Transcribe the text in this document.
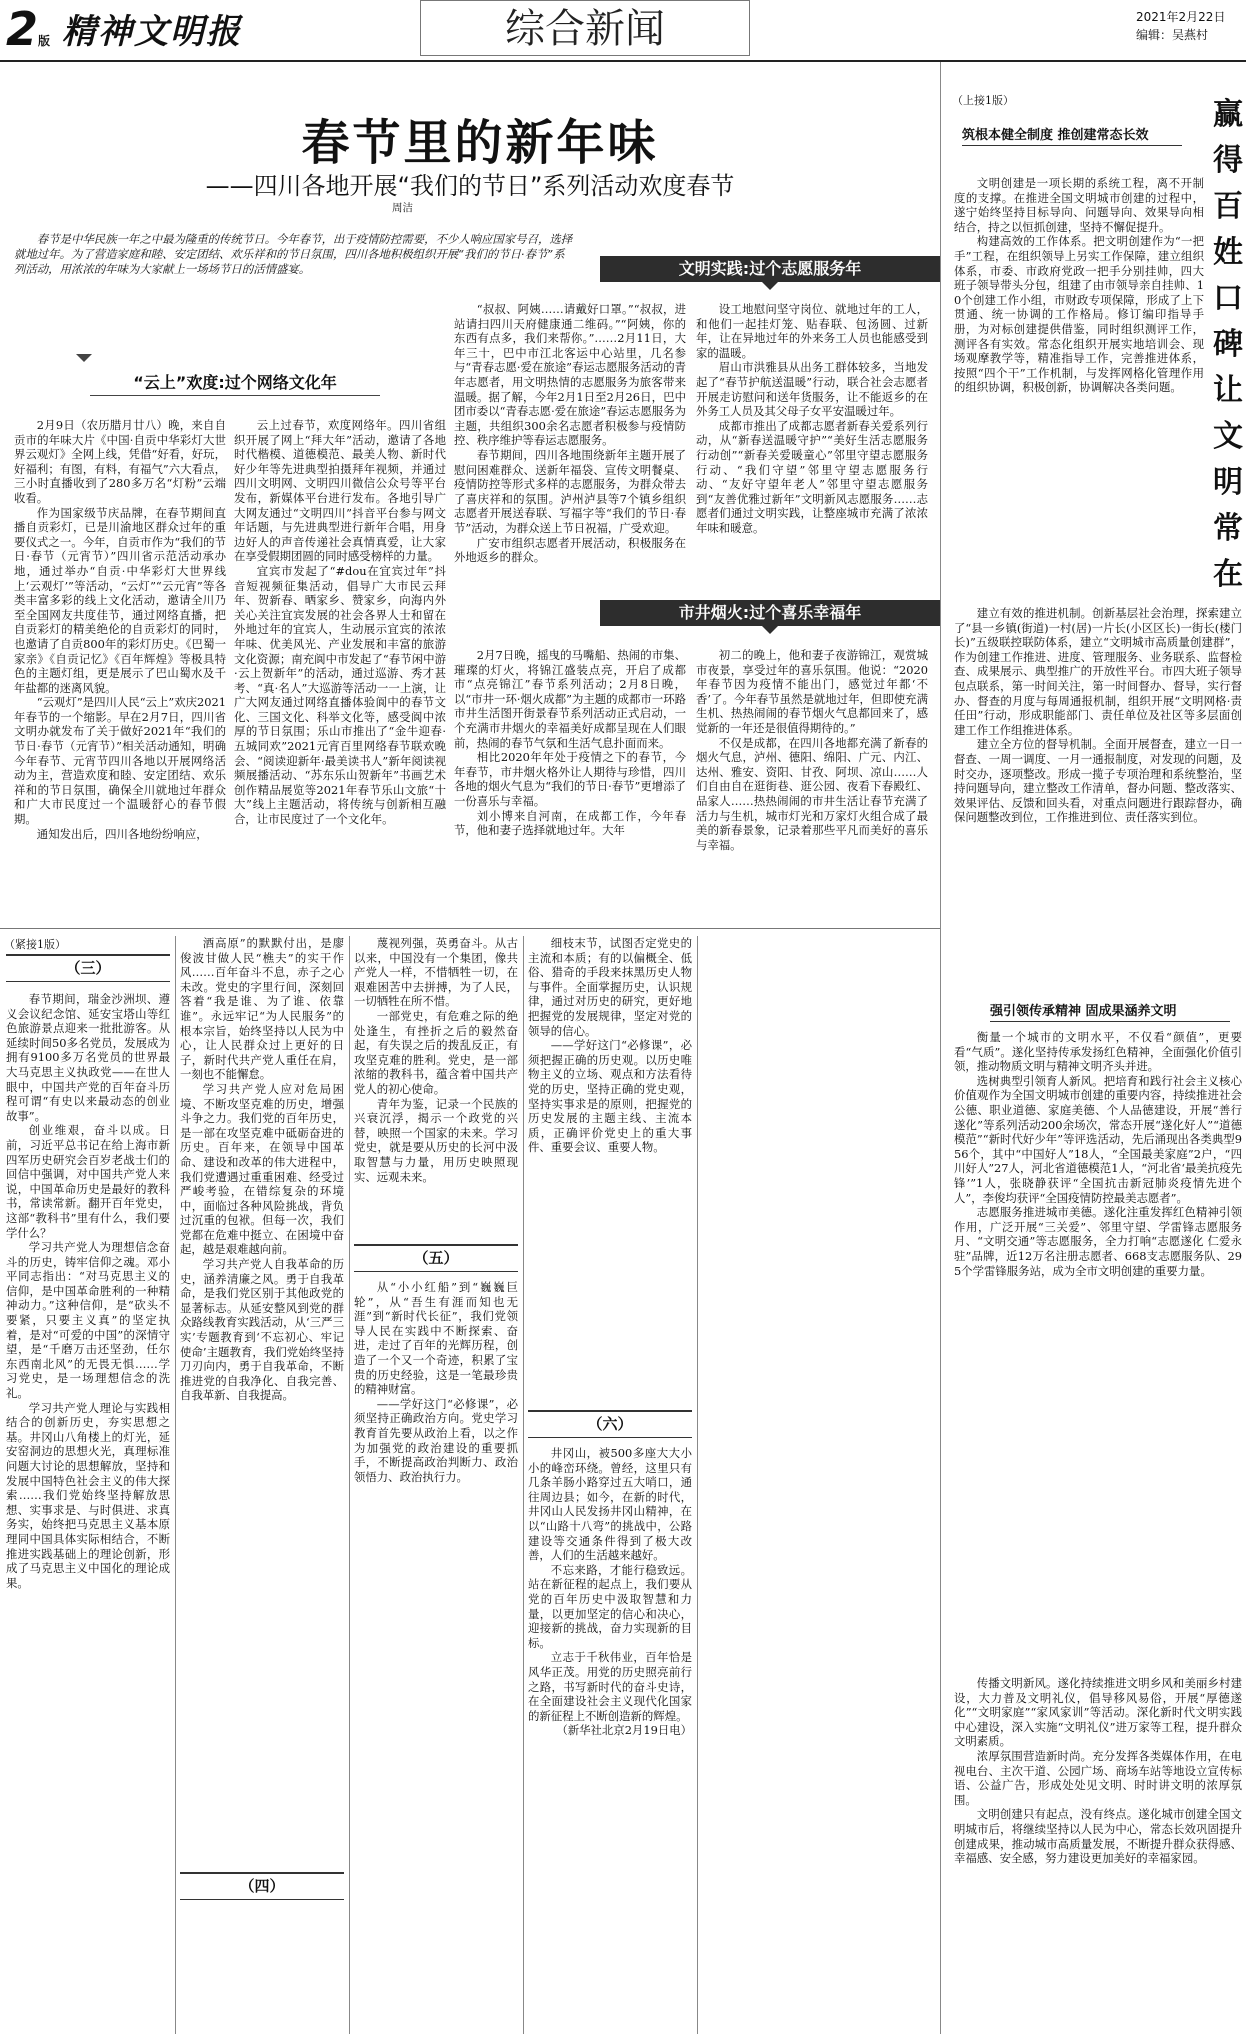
2版 精神文明报	综合新闻	2021年2月22日
编辑：吴燕村
春节里的新年味
——四川各地开展“我们的节日”系列活动欢度春节
周洁
春节是中华民族一年之中最为隆重的传统节日。今年春节，出于疫情防控需要，不少人响应国家号召，选择就地过年。为了营造家庭和睦、安定团结、欢乐祥和的节日氛围，四川各地积极组织开展“我们的节日·春节”系列活动，用浓浓的年味为大家献上一场场节日的活情盛宴。	文明实践:过个志愿服务年
“云上”欢度:过个网络文化年

2月9日（农历腊月廿八）晚，来自自贡市的年味大片《中国·自贡中华彩灯大世界云观灯》全网上线，凭借“好看，好玩，好福利；有图，有料，有福气”六大看点，三小时直播收到了280多万名“灯粉”云端收看。

作为国家级节庆品牌，在春节期间直播自贡彩灯，已是川渝地区群众过年的重要仪式之一。今年，自贡市作为“我们的节日·春节（元宵节）”四川省示范活动承办地，通过举办“自贡·中华彩灯大世界线上‘云观灯’”等活动，“云灯”“云元宵”等各类丰富多彩的线上文化活动，邀请全川乃至全国网友共度佳节，通过网络直播，把自贡彩灯的精美绝伦的自贡彩灯的同时，也邀请了自贡800年的彩灯历史。《巴蜀一家亲》《自贡记忆》《百年辉煌》等极具特色的主题灯组，更是展示了巴山蜀水及千年盐都的迷离风貌。

“云观灯”是四川人民“云上”欢庆2021年春节的一个缩影。早在2月7日，四川省文明办就发布了关于做好2021年“我们的节日·春节（元宵节）”相关活动通知，明确今年春节、元宵节四川各地以开展网络活动为主，营造欢度和睦、安定团结、欢乐祥和的节日氛围，确保全川就地过年群众和广大市民度过一个温暖舒心的春节假期。

通知发出后，四川各地纷纷响应，

云上过春节，欢度网络年。四川省组织开展了网上“拜大年”活动，邀请了各地时代楷模、道德模范、最美人物、新时代好少年等先进典型拍摄拜年视频，并通过四川文明网、文明四川微信公众号等平台发布，新媒体平台进行发布。各地引导广大网友通过“文明四川”抖音平台参与网文年话题，与先进典型进行新年合唱，用身边好人的声音传递社会真情真爱，让大家在享受假期团圆的同时感受榜样的力量。

宜宾市发起了“#dou在宜宾过年”抖音短视频征集活动，倡导广大市民云拜年、贺新春、晒家乡、赞家乡，向海内外关心关注宜宾发展的社会各界人士和留在外地过年的宜宾人，生动展示宜宾的浓浓年味、优美风光、产业发展和丰富的旅游文化资源；南充阆中市发起了“春节闲中游·云上贺新年”的活动，通过巡游、秀才甚考、“真·名人”大巡游等活动一一上演，让广大网友通过网络直播体验阆中的春节文化、三国文化、科举文化等，感受阆中浓厚的节日氛围；乐山市推出了“金牛迎春·五城同欢”2021元宵百里网络春节联欢晚会、“阅读迎新年·最美读书人”新年阅读视频展播活动、“苏东乐山贺新年”书画艺术创作精品展览等2021年春节乐山文旅“十大”线上主题活动，将传统与创新相互融合，让市民度过了一个文化年。

“叔叔、阿姨……请戴好口罩。”“叔叔，进站请扫四川天府健康通二维码。”“阿姨，你的东西有点多，我们来帮你。”……2月11日，大年三十，巴中市江北客运中心站里，几名参与“青春志愿·爱在旅途”春运志愿服务活动的青年志愿者，用文明热情的志愿服务为旅客带来温暖。据了解，今年2月1日至2月26日，巴中团市委以“青春志愿·爱在旅途”春运志愿服务为主题，共组织300余名志愿者积极参与疫情防控、秩序维护等春运志愿服务。

春节期间，四川各地围绕新年主题开展了慰问困难群众、送新年福袋、宣传文明餐桌、疫情防控等形式多样的志愿服务，为群众带去了喜庆祥和的氛围。泸州泸县等7个镇乡组织志愿者开展送春联、写福字等“我们的节日·春节”活动，为群众送上节日祝福，广受欢迎。

广安市组织志愿者开展活动，积极服务在外地返乡的群众。

设工地慰问坚守岗位、就地过年的工人，和他们一起挂灯笼、贴春联、包汤圆、过新年，让在异地过年的外来务工人员也能感受到家的温暖。

眉山市洪雅县从出务工群体较多，当地发起了“春节护航送温暖”行动，联合社会志愿者开展走访慰问和送年货服务，让不能返乡的在外务工人员及其父母子女平安温暖过年。

成都市推出了成都志愿者新春关爱系列行动，从“新春送温暖守护”“美好生活志愿服务行动创”“新春关爱暖童心”邻里守望志愿服务行动、“我们守望”邻里守望志愿服务行动、“友好守望年老人”邻里守望志愿服务到“友善优雅过新年”文明新风志愿服务……志愿者们通过文明实践，让整座城市充满了浓浓年味和暖意。

市井烟火:过个喜乐幸福年

2月7日晚，摇曳的马嘴船、热闹的市集、璀璨的灯火，将锦江盛装点亮，开启了成都市“点亮锦江”春节系列活动；2月8日晚，以“市井一环·烟火成都”为主题的成都市一环路市井生活图开街景春节系列活动正式启动，一个充满市井烟火的幸福美好成都呈现在人们眼前，热闹的春节气氛和生活气息扑面而来。

相比2020年年处于疫情之下的春节，今年春节，市井烟火格外让人期待与珍惜，四川各地的烟火气息为“我们的节日·春节”更增添了一份喜乐与幸福。

刘小博来自河南，在成都工作，今年春节，他和妻子选择就地过年。大年

初二的晚上，他和妻子夜游锦江，观赏城市夜景，享受过年的喜乐氛围。他说：“2020年春节因为疫情不能出门，感觉过年都‘不香’了。今年春节虽然是就地过年，但即使充满生机、热热闹闹的春节烟火气息都回来了，感觉新的一年还是很值得期待的。”

不仅是成都，在四川各地都充满了新春的烟火气息，泸州、德阳、绵阳、广元、内江、达州、雅安、资阳、甘孜、阿坝、凉山……人们自由自在逛街巷、逛公园、夜看下春殿红、品家人……热热闹闹的市井生活让春节充满了活力与生机，城市灯光和万家灯火组合成了最美的新春景象，记录着那些平凡而美好的喜乐与幸福。

（上接1版）	赢得百姓口碑 让文明常在
筑根本健全制度 推创建常态长效

文明创建是一项长期的系统工程，离不开制度的支撑。在推进全国文明城市创建的过程中，遂宁始终坚持目标导向、问题导向、效果导向相结合，持之以恒抓创建，坚持不懈促提升。

构建高效的工作体系。把文明创建作为“一把手”工程，在组织领导上另实工作保障，建立组织体系，市委、市政府党政一把手分别挂帅，四大班子领导带头分包，组建了由市领导亲自挂帅、10个创建工作小组，市财政专项保障，形成了上下贯通、统一协调的工作格局。修订编印指导手册，为对标创建提供借鉴，同时组织测评工作，测评各有实效。常态化组织开展实地培训会、现场观摩教学等，精准指导工作，完善推进体系，按照“四个干”工作机制，与发挥网格化管理作用的组织协调，积极创新，协调解决各类问题。

建立有效的推进机制。创新基层社会治理，探索建立了“县一乡镇(街道)一村(居)一片长(小区区长)一街长(楼门长)”五级联控联防体系，建立“文明城市高质量创建群”，作为创建工作推进、进度、管理服务、业务联系、监督检查、成果展示、典型推广的开放性平台。市四大班子领导包点联系，第一时间关注，第一时间督办、督导，实行督办、督查的月度与每周通报机制，组织开展“文明网格·责任田”行动，形成职能部门、责任单位及社区等多层面创建工作工作组推进体系。

建立全方位的督导机制。全面开展督查，建立一日一督查、一周一调度、一月一通报制度，对发现的问题，及时交办，逐项整改。形成一揽子专项治理和系统整治，坚持问题导向，建立整改工作清单，督办问题、整改落实、效果评估、反馈和回头看，对重点问题进行跟踪督办，确保问题整改到位，工作推进到位、责任落实到位。

强引领传承精神 固成果涵养文明

衡量一个城市的文明水平，不仅看“颜值”，更要看“气质”。遂化坚持传承发扬红色精神，全面强化价值引领，推动物质文明与精神文明齐头并进。

选树典型引领育人新风。把培育和践行社会主义核心价值观作为全国文明城市创建的重要内容，持续推进社会公德、职业道德、家庭美德、个人品德建设，开展“善行遂化”等系列活动200余场次，常态开展“遂化好人”“道德模范”“新时代好少年”等评选活动，先后涌现出各类典型956个，其中“中国好人”18人，“全国最美家庭”2户，“四川好人”27人，河北省道德模范1人，“河北省‘最美抗疫先锋’”1人，张晓静获评“全国抗击新冠肺炎疫情先进个人”，李俊均获评“全国疫情防控最美志愿者”。

志愿服务推进城市美德。遂化注重发挥红色精神引领作用，广泛开展“三关爱”、邻里守望、学雷锋志愿服务月、“文明交通”等志愿服务，全力打响“志愿遂化 仁爱永驻”品牌，近12万名注册志愿者、668支志愿服务队、295个学雷锋服务站，成为全市文明创建的重要力量。

传播文明新风。遂化持续推进文明乡风和美丽乡村建设，大力普及文明礼仪，倡导移风易俗，开展“厚德遂化”“文明家庭”“家风家训”等活动。深化新时代文明实践中心建设，深入实施“文明礼仪”进万家等工程，提升群众文明素质。

浓厚氛围营造新时尚。充分发挥各类媒体作用，在电视电台、主次干道、公园广场、商场车站等地设立宣传标语、公益广告，形成处处见文明、时时讲文明的浓厚氛围。

文明创建只有起点，没有终点。遂化城市创建全国文明城市后，将继续坚持以人民为中心，常态长效巩固提升创建成果，推动城市高质量发展，不断提升群众获得感、幸福感、安全感，努力建设更加美好的幸福家园。

（紧接1版）
（三）

春节期间，瑞金沙洲坝、遵义会议纪念馆、延安宝塔山等红色旅游景点迎来一批批游客。从延续时间50多名党员，发展成为拥有9100多万名党员的世界最大马克思主义执政党——在世人眼中，中国共产党的百年奋斗历程可谓“有史以来最动态的创业故事”。

创业维艰，奋斗以成。日前，习近平总书记在给上海市新四军历史研究会百岁老战士们的回信中强调，对中国共产党人来说，中国革命历史是最好的教科书，常读常新。翻开百年党史，这部“教科书”里有什么，我们要学什么？

学习共产党人为理想信念奋斗的历史，铸牢信仰之魂。邓小平同志指出：“对马克思主义的信仰，是中国革命胜利的一种精神动力。”这种信仰，是“砍头不要紧，只要主义真”的坚定执着，是对“可爱的中国”的深情守望，是“千磨万击还坚劲，任尔东西南北风”的无畏无惧……学习党史，是一场理想信念的洗礼。

学习共产党人理论与实践相结合的创新历史，夯实思想之基。井冈山八角楼上的灯光，延安窑洞边的思想火光，真理标准问题大讨论的思想解放，坚持和发展中国特色社会主义的伟大探索……我们党始终坚持解放思想、实事求是、与时俱进、求真务实，始终把马克思主义基本原理同中国具体实际相结合，不断推进实践基础上的理论创新，形成了马克思主义中国化的理论成果。

酒高原”的默默付出，是廖俊波甘做人民“樵夫”的实干作风……百年奋斗不息，赤子之心未改。党史的字里行间，深刻回答着“我是谁、为了谁、依靠谁”。永远牢记“为人民服务”的根本宗旨，始终坚持以人民为中心，让人民群众过上更好的日子，新时代共产党人重任在肩，一刻也不能懈怠。

学习共产党人应对危局困境、不断攻坚克难的历史，增强斗争之力。我们党的百年历史，是一部在攻坚克难中砥砺奋进的历史。百年来，在领导中国革命、建设和改革的伟大进程中，我们党遭遇过重重困难、经受过严峻考验，在错综复杂的环境中，面临过各种风险挑战，背负过沉重的包袱。但每一次，我们党都在危难中挺立、在困境中奋起，越是艰难越向前。

学习共产党人自我革命的历史，涵养清廉之风。勇于自我革命，是我们党区别于其他政党的显著标志。从延安整风到党的群众路线教育实践活动，从‘三严三实’专题教育到‘不忘初心、牢记使命’主题教育，我们党始终坚持刀刃向内，勇于自我革命，不断推进党的自我净化、自我完善、自我革新、自我提高。

（四）

蔑视列强，英勇奋斗。从古以来，中国没有一个集团，像共产党人一样，不惜牺牲一切，在艰难困苦中去拼搏，为了人民，一切牺牲在所不惜。

一部党史，有危难之际的绝处逢生，有挫折之后的毅然奋起，有失误之后的拨乱反正，有攻坚克难的胜利。党史，是一部浓缩的教科书，蕴含着中国共产党人的初心使命。

青年为鉴，记录一个民族的兴衰沉浮，揭示一个政党的兴替，映照一个国家的未来。学习党史，就是要从历史的长河中汲取智慧与力量，用历史映照现实、远观未来。

（五）

从“小小红船”到“巍巍巨轮”，从“吾生有涯而知也无涯”到“新时代长征”，我们党领导人民在实践中不断探索、奋进，走过了百年的光辉历程，创造了一个又一个奇迹，积累了宝贵的历史经验，这是一笔最珍贵的精神财富。

——学好这门“必修课”，必须坚持正确政治方向。党史学习教育首先要从政治上看，以之作为加强党的政治建设的重要抓手，不断提高政治判断力、政治领悟力、政治执行力。

细枝末节，试图否定党史的主流和本质；有的以偏概全、低俗、猎奇的手段来抹黑历史人物与事件。全面掌握历史，认识规律，通过对历史的研究，更好地把握党的发展规律，坚定对党的领导的信心。

——学好这门“必修课”，必须把握正确的历史观。以历史唯物主义的立场、观点和方法看待党的历史，坚持正确的党史观，坚持实事求是的原则，把握党的历史发展的主题主线、主流本质，正确评价党史上的重大事件、重要会议、重要人物。

（六）

井冈山，被500多座大大小小的峰峦环绕。曾经，这里只有几条羊肠小路穿过五大哨口，通往周边县；如今，在新的时代，井冈山人民发扬井冈山精神，在以“山路十八弯”的挑战中，公路建设等交通条件得到了极大改善，人们的生活越来越好。

不忘来路，才能行稳致远。站在新征程的起点上，我们要从党的百年历史中汲取智慧和力量，以更加坚定的信心和决心，迎接新的挑战，奋力实现新的目标。

立志于千秋伟业，百年恰是风华正茂。用党的历史照亮前行之路，书写新时代的奋斗史诗，在全面建设社会主义现代化国家的新征程上不断创造新的辉煌。

（新华社北京2月19日电）
